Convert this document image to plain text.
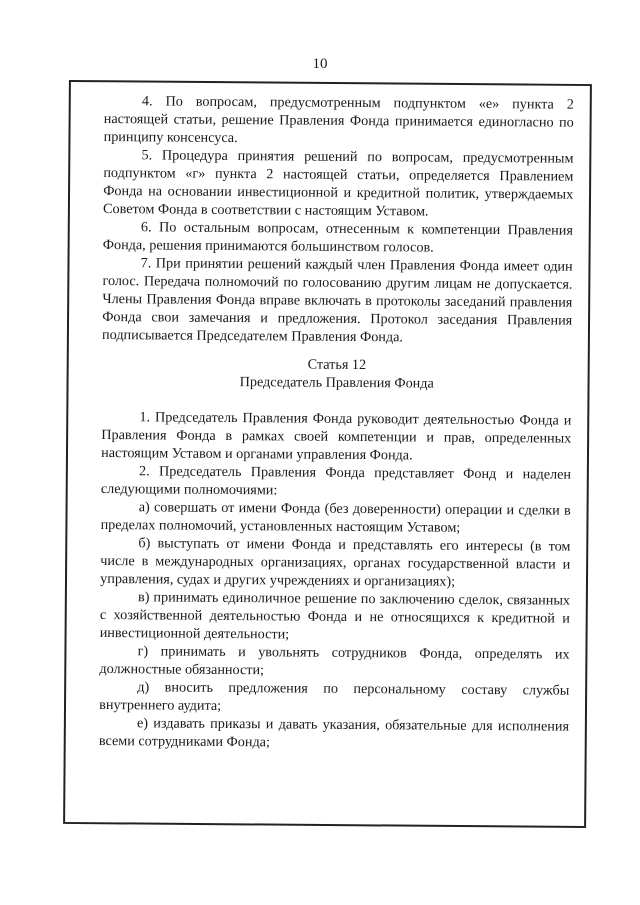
10

4. По вопросам, предусмотренным подпунктом «е» пункта 2 настоящей статьи, решение Правления Фонда принимается единогласно по принципу консенсуса.

5. Процедура принятия решений по вопросам, предусмотренным подпунктом «г» пункта 2 настоящей статьи, определяется Правлением Фонда на основании инвестиционной и кредитной политик, утверждаемых Советом Фонда в соответствии с настоящим Уставом.

6. По остальным вопросам, отнесенным к компетенции Правления Фонда, решения принимаются большинством голосов.

7. При принятии решений каждый член Правления Фонда имеет один голос. Передача полномочий по голосованию другим лицам не допускается. Члены Правления Фонда вправе включать в протоколы заседаний правления Фонда свои замечания и предложения. Протокол заседания Правления подписывается Председателем Правления Фонда.

Статья 12

Председатель Правления Фонда

1. Председатель Правления Фонда руководит деятельностью Фонда и Правления Фонда в рамках своей компетенции и прав, определенных настоящим Уставом и органами управления Фонда.

2. Председатель Правления Фонда представляет Фонд и наделен следующими полномочиями:

а) совершать от имени Фонда (без доверенности) операции и сделки в пределах полномочий, установленных настоящим Уставом;

б) выступать от имени Фонда и представлять его интересы (в том числе в международных организациях, органах государственной власти и управления, судах и других учреждениях и организациях);

в) принимать единоличное решение по заключению сделок, связанных с хозяйственной деятельностью Фонда и не относящихся к кредитной и инвестиционной деятельности;

г) принимать и увольнять сотрудников Фонда, определять их должностные обязанности;

д) вносить предложения по персональному составу службы внутреннего аудита;

е) издавать приказы и давать указания, обязательные для исполнения всеми сотрудниками Фонда;
